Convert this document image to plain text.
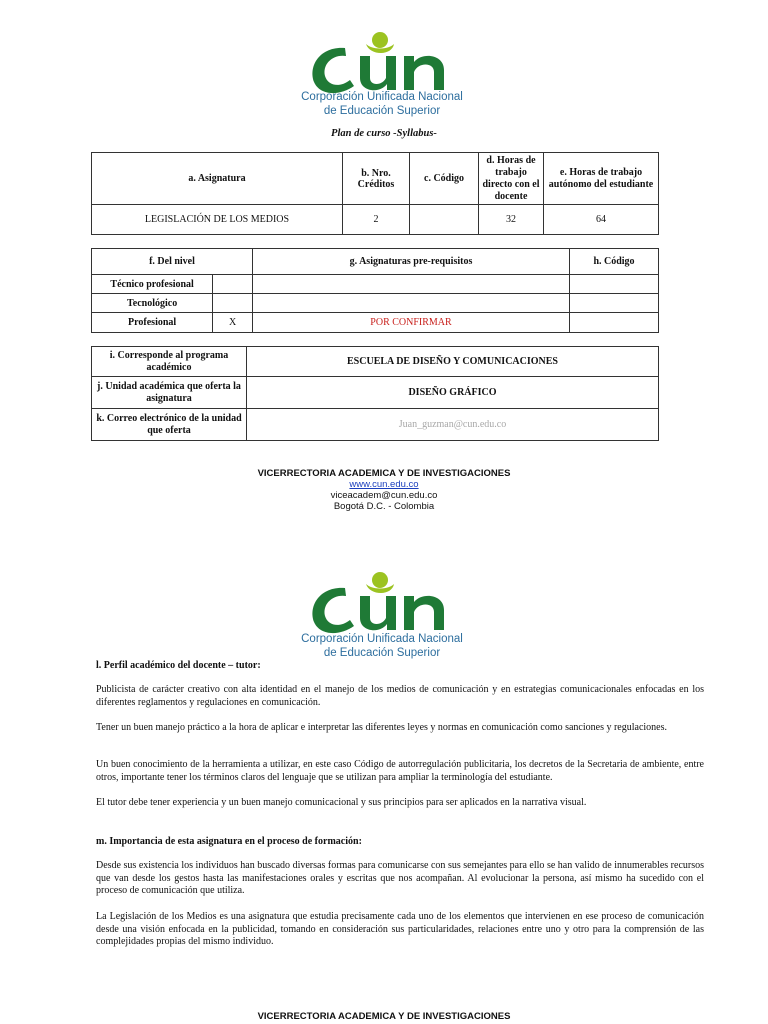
Corporación Unificada Nacional
de Educación Superior
Plan de curso -Syllabus-
a. Asignatura	b. Nro. Créditos	c. Código	d. Horas de trabajo directo con el docente	e. Horas de trabajo autónomo del estudiante
LEGISLACIÓN DE LOS MEDIOS	2		32	64
f. Del nivel		g. Asignaturas pre-requisitos	h. Código
Técnico profesional			
Tecnológico			
Profesional	X	POR CONFIRMAR	
i. Corresponde al programa académico	ESCUELA DE DISEÑO Y COMUNICACIONES
j. Unidad académica que oferta la asignatura	DISEÑO GRÁFICO
k. Correo electrónico de la unidad que oferta	Juan_guzman@cun.edu.co
VICERRECTORIA ACADEMICA Y DE INVESTIGACIONES
www.cun.edu.co
viceacadem@cun.edu.co
Bogotá D.C. - Colombia
Corporación Unificada Nacional
de Educación Superior
l. Perfil académico del docente – tutor:
Publicista de carácter creativo con alta identidad en el manejo de los medios de comunicación y en estrategias comunicacionales enfocadas en los diferentes reglamentos y regulaciones en comunicación.
Tener un buen manejo práctico a la hora de aplicar e interpretar las diferentes leyes y normas en comunicación como sanciones y regulaciones.
Un buen conocimiento de la herramienta a utilizar, en este caso Código de autorregulación publicitaria, los decretos de la Secretaria de ambiente, entre otros, importante tener los términos claros del lenguaje que se utilizan para ampliar la terminología del estudiante.
El tutor debe tener experiencia y un buen manejo comunicacional y sus principios para ser aplicados en la narrativa visual.
m. Importancia de esta asignatura en el proceso de formación:
Desde sus existencia los individuos han buscado diversas formas para comunicarse con sus semejantes para ello se han valido de innumerables recursos que van desde los gestos hasta las manifestaciones orales y escritas que nos acompañan. Al evolucionar la persona, así mismo ha sucedido con el proceso de comunicación que utiliza.
La Legislación de los Medios es una asignatura que estudia precisamente cada uno de los elementos que intervienen en ese proceso de comunicación desde una visión enfocada en la publicidad, tomando en consideración sus particularidades, relaciones entre uno y otro para la comprensión de las complejidades propias del mismo individuo.
VICERRECTORIA ACADEMICA Y DE INVESTIGACIONES
